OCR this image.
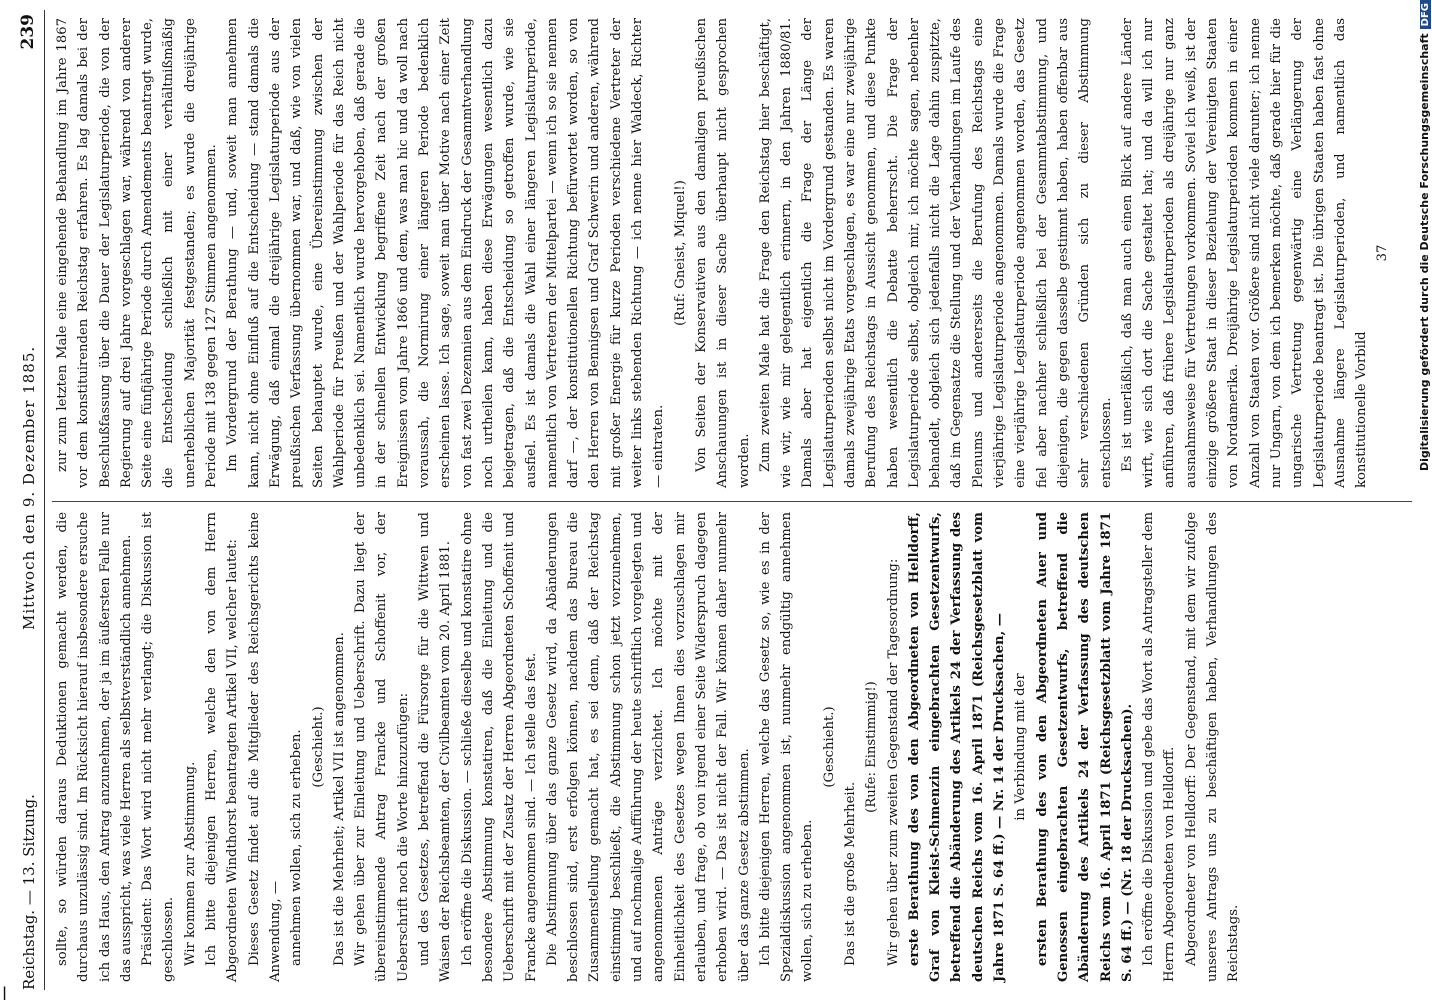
Reichstag. — 13. Sitzung.
Mittwoch den 9. Dezember 1885.
239

sollte, so würden daraus Deduktionen gemacht werden, die durchaus unzulässig sind. Im Rücksicht hierauf insbesondere ersuche ich das Haus, den Antrag anzunehmen, der ja im äußersten Falle nur das ausspricht, was viele Herren als selbstverständlich annehmen. Präsident: Das Wort wird nicht mehr verlangt; die Diskussion ist geschlossen. Wir kommen zur Abstimmung. Ich bitte diejenigen Herren, welche den von dem Herrn Abgeordneten Windthorst beantragten Artikel VII, welcher lautet: Dieses Gesetz findet auf die Mitglieder des Reichsgerichts keine Anwendung, — annehmen wollen, sich zu erheben. (Geschieht.) Das ist die Mehrheit; Artikel VII ist angenommen. Wir gehen über zur Einleitung und Ueberschrift. Dazu liegt der übereinstimmende Antrag Francke und Schoffenit vor, der Ueberschrift noch die Worte hinzuzufügen: und des Gesetzes, betreffend die Fürsorge für die Wittwen und Waisen der Reichsbeamten, der Civilbeamten vom 20. April 1881. Ich eröffne die Diskussion. — schließe dieselbe und konstatire ohne besondere Abstimmung konstatiren, daß die Einleitung und die Ueberschrift mit der Zusatz der Herren Abgeordneten Schoffenit und Francke angenommen sind. — Ich stelle das fest. Die Abstimmung über das ganze Gesetz wird, da Abänderungen beschlossen sind, erst erfolgen können, nachdem das Bureau die Zusammenstellung gemacht hat, es sei denn, daß der Reichstag einstimmig beschließt, die Abstimmung schon jetzt vorzunehmen, und auf nochmalige Aufführung der heute schriftlich vorgelegten und angenommenen Anträge verzichtet. Ich möchte mit der Einheitlichkeit des Gesetzes wegen Ihnen dies vorzuschlagen mir erlauben, und frage, ob von irgend einer Seite Widerspruch dagegen erhoben wird. — Das ist nicht der Fall. Wir können daher nunmehr über das ganze Gesetz abstimmen. Ich bitte diejenigen Herren, welche das Gesetz so, wie es in der Spezialdiskussion angenommen ist, nunmehr endgültig annehmen wollen, sich zu erheben.

(Geschieht.)

Das ist die große Mehrheit.

(Rufe: Einstimmig!) Wir gehen über zum zweiten Gegenstand der Tagesordnung: erste Berathung des von den Abgeordneten von Helldorff, Graf von Kleist-Schmenzin eingebrachten Gesetzentwurfs, betreffend die Abänderung des Artikels 24 der Verfassung des deutschen Reichs vom 16. April 1871 (Reichsgesetzblatt vom Jahre 1871 S. 64 ff.) — Nr. 14 der Drucksachen, — in Verbindung mit der ersten Berathung des von den Abgeordneten Auer und Genossen eingebrachten Gesetzentwurfs, betreffend die Abänderung des Artikels 24 der Verfassung des deutschen Reichs vom 16. April 1871 (Reichsgesetzblatt vom Jahre 1871 S. 64 ff.) — (Nr. 18 der Drucksachen). Ich eröffne die Diskussion und gebe das Wort als Antragsteller dem Herrn Abgeordneten von Helldorff. Abgeordneter von Helldorff: Der Gegenstand, mit dem wir zufolge unseres Antrags uns zu beschäftigen haben, Verhandlungen des Reichstags.

zur zum letzten Male eine eingehende Behandlung im Jahre 1867 vor dem konstituirenden Reichstag erfahren. Es lag damals bei der Beschlußfassung über die Dauer der Legislaturperiode, die von der Regierung auf drei Jahre vorgeschlagen war, während von anderer Seite eine fünfjährige Periode durch Amendements beantragt wurde, die Entscheidung schließlich mit einer verhältnißmäßig unerheblichen Majorität festgestanden; es wurde die dreijährige Periode mit 138 gegen 127 Stimmen angenommen. Im Vordergrund der Berathung — und, soweit man annehmen kann, nicht ohne Einfluß auf die Entscheidung — stand damals die Erwägung, daß einmal die dreijährige Legislaturperiode aus der preußischen Verfassung übernommen war, und daß, wie von vielen Seiten behauptet wurde, eine Übereinstimmung zwischen der Wahlperiode für Preußen und der Wahlperiode für das Reich nicht unbedenklich sei. Namentlich wurde hervorgehoben, daß gerade die in der schnellen Entwicklung begriffene Zeit nach der großen Ereignissen vom Jahre 1866 und dem, was man hic und da woll nach voraussah, die Normirung einer längeren Periode bedenklich erscheinen lasse. Ich sage, soweit man über Motive nach einer Zeit von fast zwei Dezennien aus dem Eindruck der Gesammtverhandlung noch urtheilen kann, haben diese Erwägungen wesentlich dazu beigetragen, daß die Entscheidung so getroffen wurde, wie sie ausfiel. Es ist damals die Wahl einer längeren Legislaturperiode, namentlich von Vertretern der Mittelpartei — wenn ich so sie nennen darf —, der konstitutionellen Richtung befürwortet worden, so von den Herren von Bennigsen und Graf Schwerin und anderen, während mit großer Energie für kurze Perioden verschiedene Vertreter der weiter links stehenden Richtung — ich nenne hier Waldeck, Richter — eintraten.

(Ruf: Gneist, Miquel!) Von Seiten der Konservativen aus den damaligen preußischen Anschauungen ist in dieser Sache überhaupt nicht gesprochen worden. Zum zweiten Male hat die Frage den Reichstag hier beschäftigt, wie wir, wie mir gelegentlich erinnern, in den Jahren 1880/81. Damals aber hat eigentlich die Frage der Länge der Legislaturperioden selbst nicht im Vordergrund gestanden. Es waren damals zweijährige Etats vorgeschlagen, es war eine nur zweijährige Berufung des Reichstags in Aussicht genommen, und diese Punkte haben wesentlich die Debatte beherrscht. Die Frage der Legislaturperiode selbst, obgleich mir, ich möchte sagen, nebenher behandelt, obgleich sich jedenfalls nicht die Lage dahin zuspitzte, daß im Gegensatze die Stellung und der Verhandlungen im Laufe des Plenums und andererseits die Berufung des Reichstags eine vierjährige Legislaturperiode angenommen. Damals wurde die Frage eine vierjährige Legislaturperiode angenommen worden, das Gesetz fiel aber nachher schließlich bei der Gesammtabstimmung, und diejenigen, die gegen dasselbe gestimmt haben, haben offenbar aus sehr verschiedenen Gründen sich zu dieser Abstimmung entschlossen. Es ist unerläßlich, daß man auch einen Blick auf andere Länder wirft, wie sich dort die Sache gestaltet hat; und da will ich nur anführen, daß frühere Legislaturperioden als dreijährige nur ganz ausnahmsweise für Vertretungen vorkommen. Soviel ich weiß, ist der einzige größere Staat in dieser Beziehung der Vereinigten Staaten von Nordamerika. Dreijährige Legislaturperioden kommen in einer Anzahl von Staaten vor. Größere sind nicht viele darunter; ich nenne nur Ungarn, von dem ich bemerken möchte, daß gerade hier für die ungarische Vertretung gegenwärtig eine Verlängerung der Legislaturperiode beantragt ist. Die übrigen Staaten haben fast ohne Ausnahme längere Legislaturperioden, und namentlich das konstitutionelle Vorbild

37

|
Digitalisierung gefördert durch die Deutsche ForschungsgemeinschaftDFG
